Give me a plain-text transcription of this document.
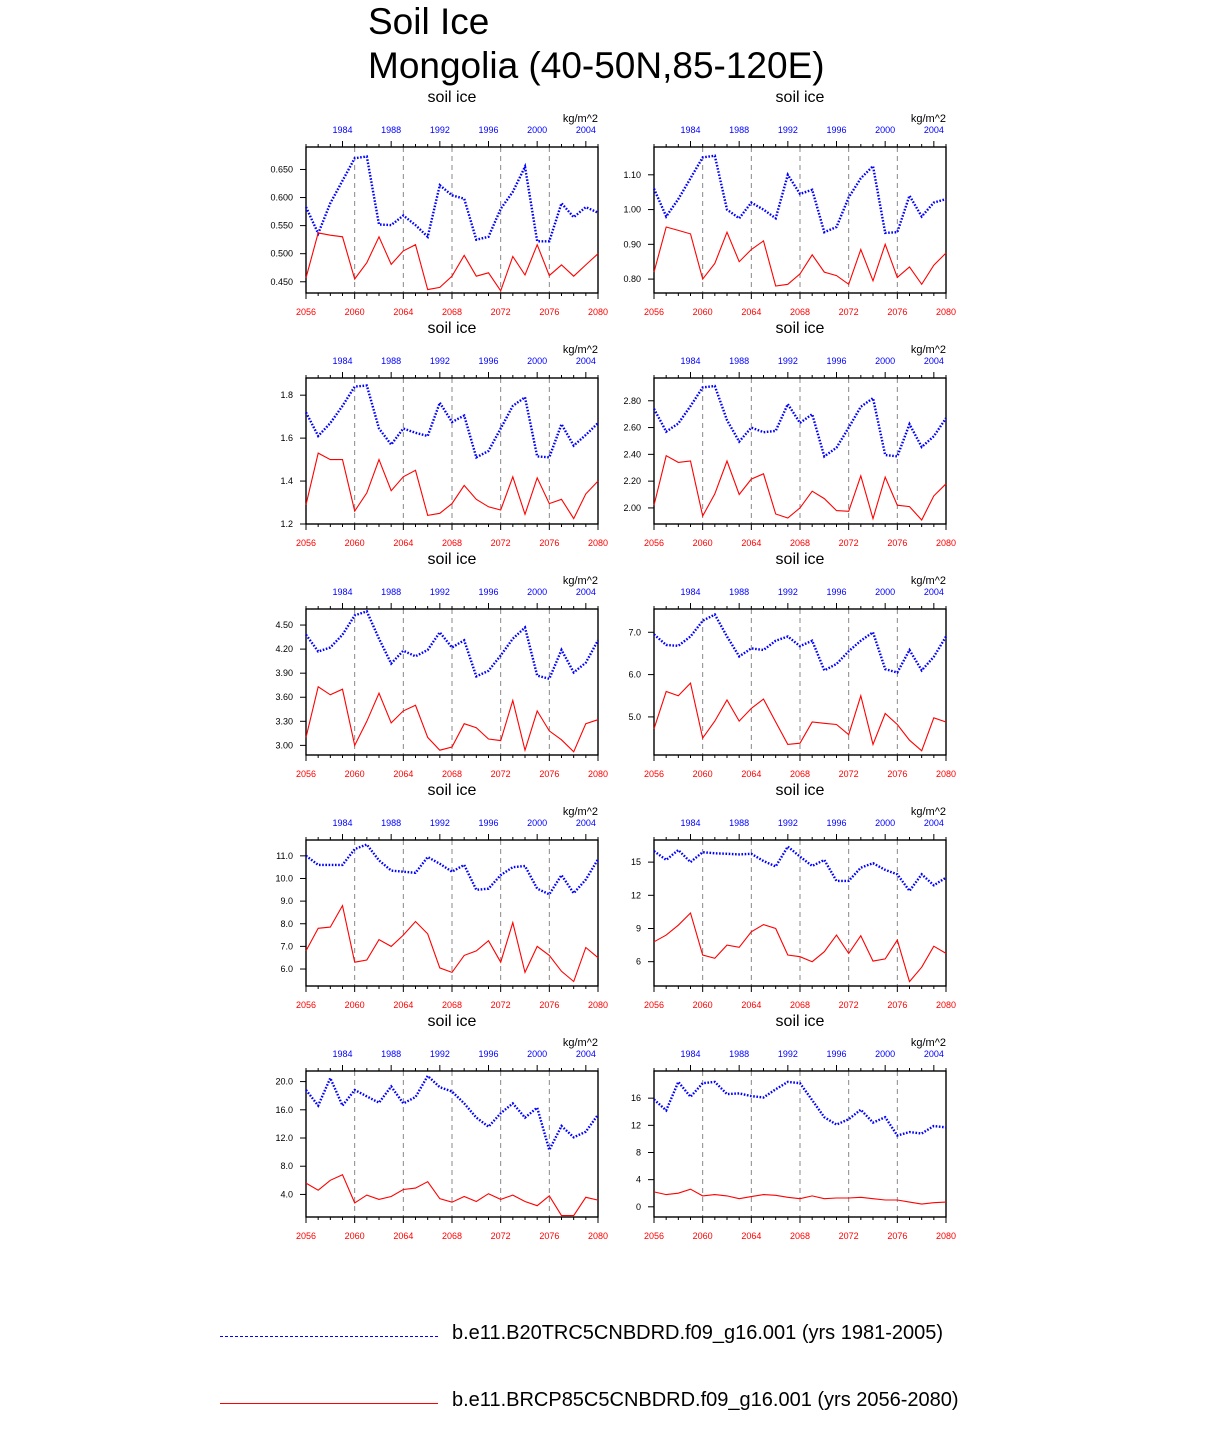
Soil Ice
Mongolia (40-50N,85-120E)
soil ice
kg/m^2
2056	2060	2064	2068	2072	2076	2080
1984	1988	1992	1996	2000	2004
0.450
0.500
0.550
0.600
0.650
soil ice
kg/m^2
2056	2060	2064	2068	2072	2076	2080
1984	1988	1992	1996	2000	2004
0.80
0.90
1.00
1.10
soil ice
kg/m^2
2056	2060	2064	2068	2072	2076	2080
1984	1988	1992	1996	2000	2004
1.2
1.4
1.6
1.8
soil ice
kg/m^2
2056	2060	2064	2068	2072	2076	2080
1984	1988	1992	1996	2000	2004
2.00
2.20
2.40
2.60
2.80
soil ice
kg/m^2
2056	2060	2064	2068	2072	2076	2080
1984	1988	1992	1996	2000	2004
3.00
3.30
3.60
3.90
4.20
4.50
soil ice
kg/m^2
2056	2060	2064	2068	2072	2076	2080
1984	1988	1992	1996	2000	2004
5.0
6.0
7.0
soil ice
kg/m^2
2056	2060	2064	2068	2072	2076	2080
1984	1988	1992	1996	2000	2004
6.0
7.0
8.0
9.0
10.0
11.0
soil ice
kg/m^2
2056	2060	2064	2068	2072	2076	2080
1984	1988	1992	1996	2000	2004
6
9
12
15
soil ice
kg/m^2
2056	2060	2064	2068	2072	2076	2080
1984	1988	1992	1996	2000	2004
4.0
8.0
12.0
16.0
20.0
soil ice
kg/m^2
2056	2060	2064	2068	2072	2076	2080
1984	1988	1992	1996	2000	2004
0
4
8
12
16
b.e11.B20TRC5CNBDRD.f09_g16.001 (yrs 1981-2005)
b.e11.BRCP85C5CNBDRD.f09_g16.001 (yrs 2056-2080)
